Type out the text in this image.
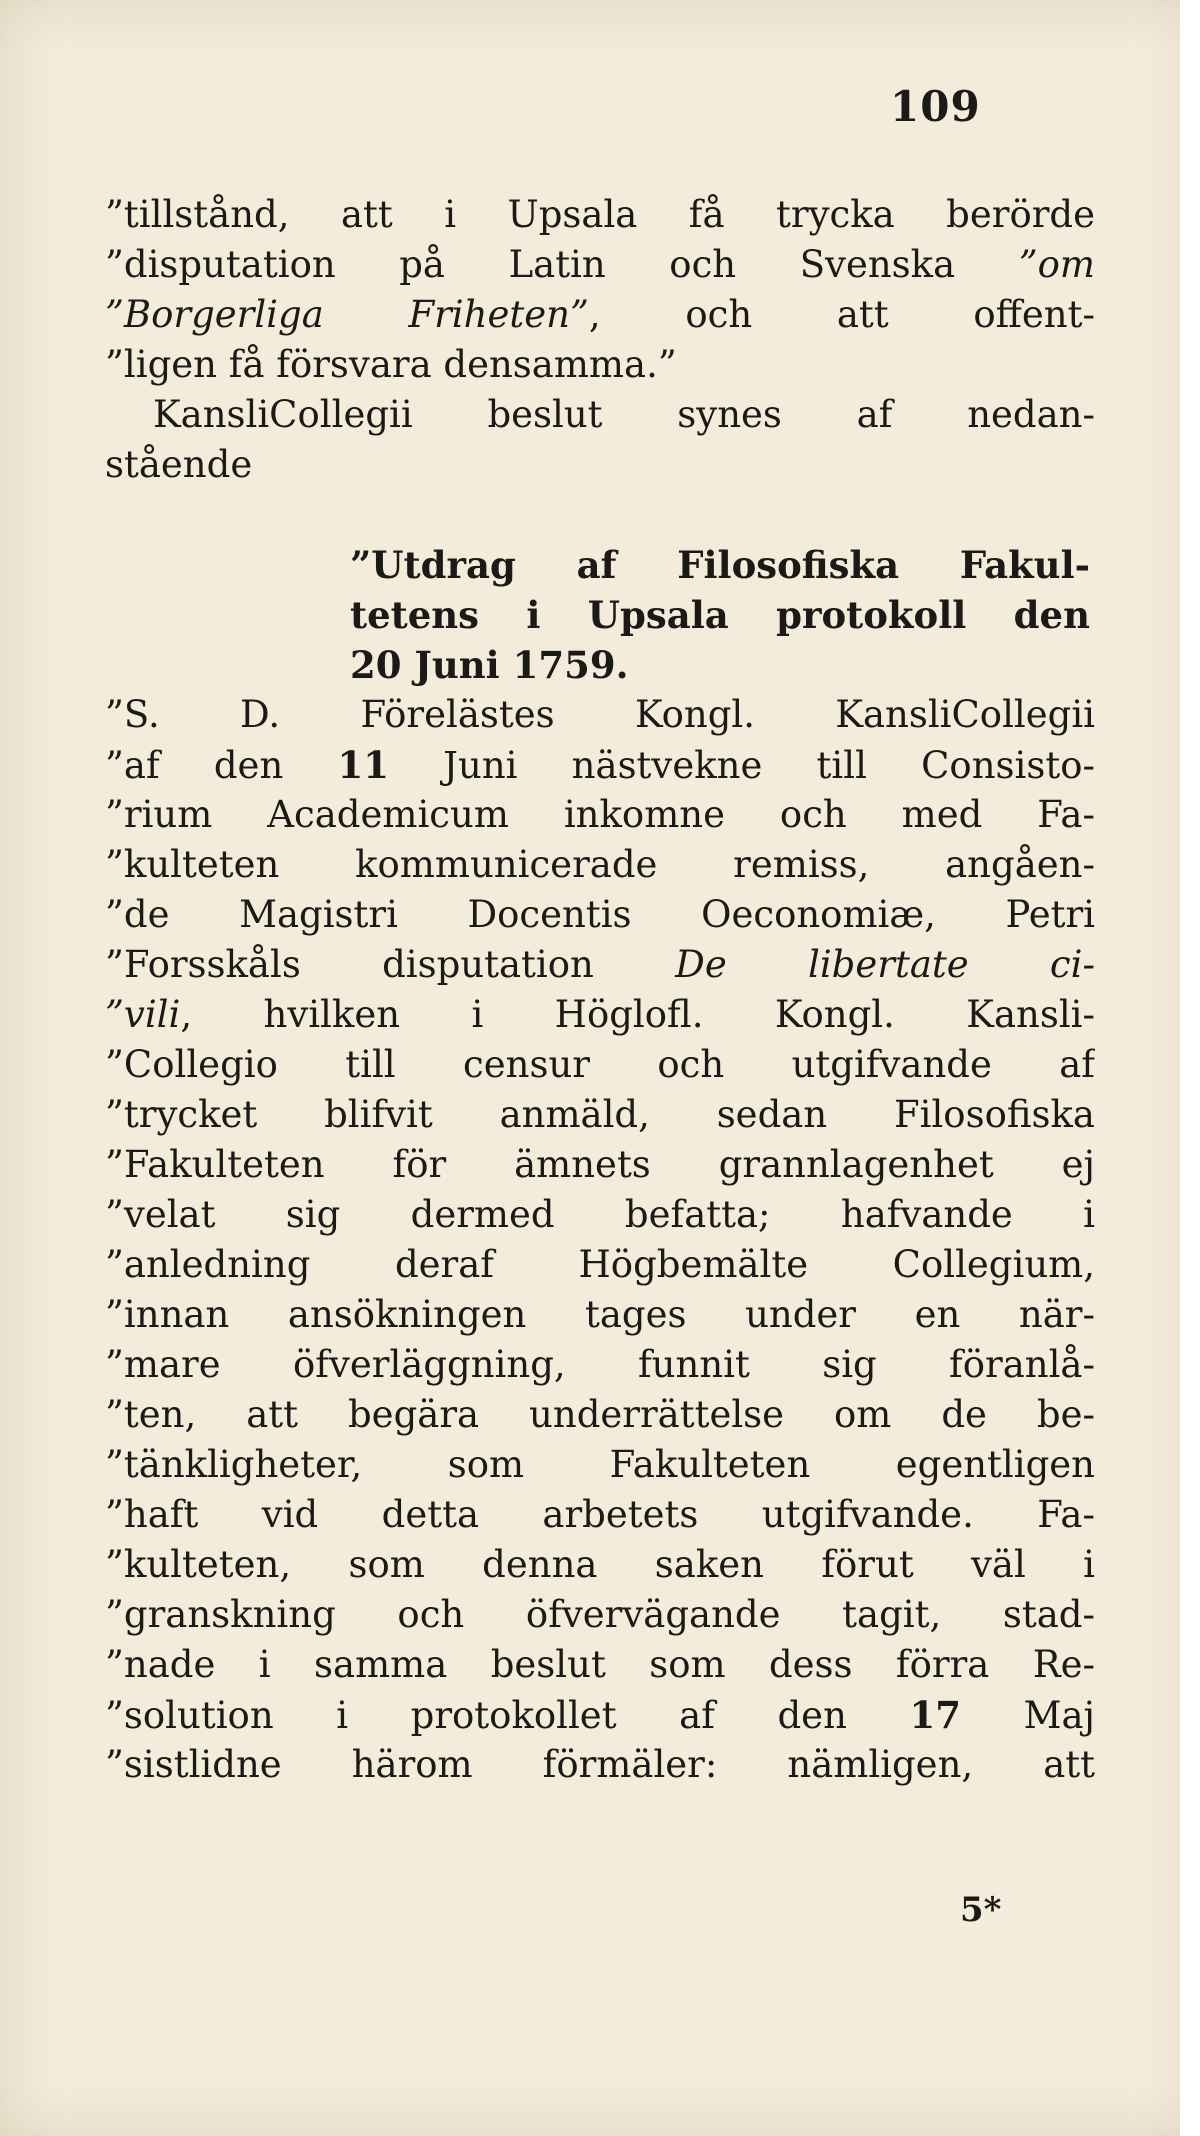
109
”tillstånd, att i Upsala få trycka berörde
”disputation på Latin och Svenska ”om
”Borgerliga Friheten”, och att offent-
”ligen få försvara densamma.”
KansliCollegii beslut synes af nedan-
stående
”Utdrag af Filosofiska Fakul-
tetens i Upsala protokoll den
20 Juni 1759.
”S. D. Förelästes Kongl. KansliCollegii
”af den 11 Juni nästvekne till Consisto-
”rium Academicum inkomne och med Fa-
”kulteten kommunicerade remiss, angåen-
”de Magistri Docentis Oeconomiæ, Petri
”Forsskåls disputation De libertate ci-
”vili, hvilken i Höglofl. Kongl. Kansli-
”Collegio till censur och utgifvande af
”trycket blifvit anmäld, sedan Filosofiska
”Fakulteten för ämnets grannlagenhet ej
”velat sig dermed befatta; hafvande i
”anledning deraf Högbemälte Collegium,
”innan ansökningen tages under en när-
”mare öfverläggning, funnit sig föranlå-
”ten, att begära underrättelse om de be-
”tänkligheter, som Fakulteten egentligen
”haft vid detta arbetets utgifvande. Fa-
”kulteten, som denna saken förut väl i
”granskning och öfvervägande tagit, stad-
”nade i samma beslut som dess förra Re-
”solution i protokollet af den 17 Maj
”sistlidne härom förmäler: nämligen, att
5*
